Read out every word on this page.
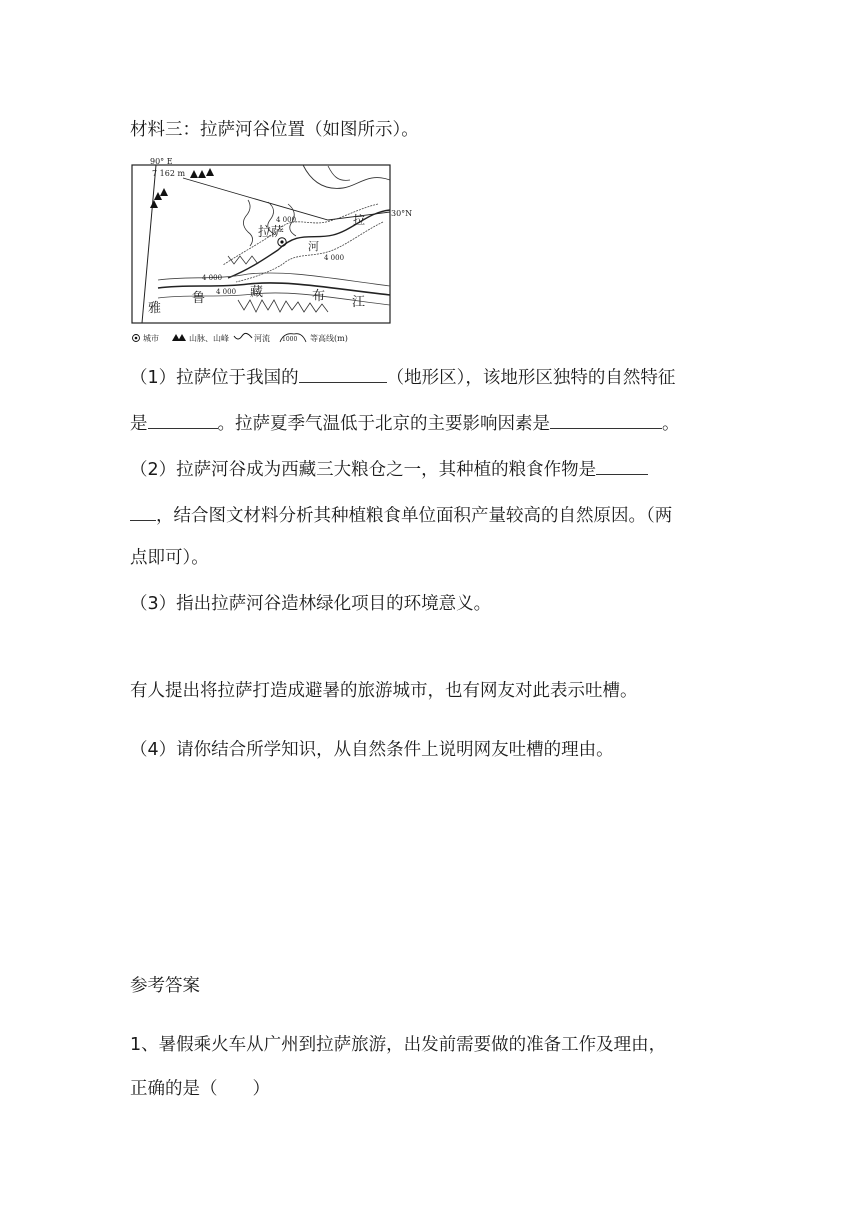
材料三：拉萨河谷位置（如图所示）。
90° E
7 162 m
30°N
拉萨
河
拉
4 000
4 000
4 000
4 000
雅
鲁	藏	布 江
城市	山脉、山峰	河流 1000 等高线(m)
（1）拉萨位于我国的	（地形区），该地形区独特的自然特征
是	。拉萨夏季气温低于北京的主要影响因素是	。
（2）拉萨河谷成为西藏三大粮仓之一，其种植的粮食作物是
，结合图文材料分析其种植粮食单位面积产量较高的自然原因。（两
点即可）。
（3）指出拉萨河谷造林绿化项目的环境意义。
有人提出将拉萨打造成避暑的旅游城市，也有网友对此表示吐槽。
（4）请你结合所学知识，从自然条件上说明网友吐槽的理由。
参考答案
1、暑假乘火车从广州到拉萨旅游，出发前需要做的准备工作及理由，
正确的是（　　）
